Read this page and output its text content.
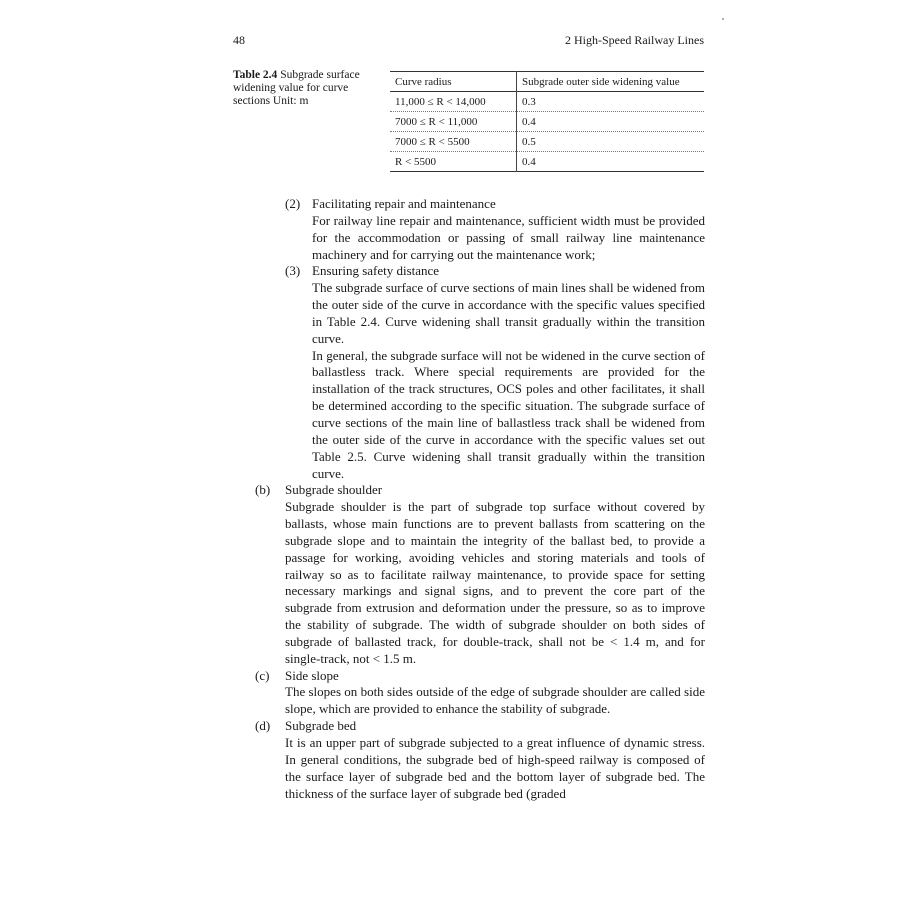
48	2 High-Speed Railway Lines
Table 2.4 Subgrade surface widening value for curve sections Unit: m
Curve radius	Subgrade outer side widening value
11,000 ≤ R < 14,000	0.3
7000 ≤ R < 11,000	0.4
7000 ≤ R < 5500	0.5
R < 5500	0.4
(2) Facilitating repair and maintenance
For railway line repair and maintenance, sufficient width must be provided for the accommodation or passing of small railway line maintenance machinery and for carrying out the maintenance work;
(3) Ensuring safety distance
The subgrade surface of curve sections of main lines shall be widened from the outer side of the curve in accordance with the specific values specified in Table 2.4. Curve widening shall transit gradually within the transition curve.
In general, the subgrade surface will not be widened in the curve section of ballastless track. Where special requirements are provided for the installation of the track structures, OCS poles and other facilitates, it shall be determined according to the specific situation. The subgrade surface of curve sections of the main line of ballastless track shall be widened from the outer side of the curve in accordance with the specific values set out Table 2.5. Curve widening shall transit gradually within the transition curve.
(b)	Subgrade shoulder
Subgrade shoulder is the part of subgrade top surface without covered by ballasts, whose main functions are to prevent ballasts from scattering on the subgrade slope and to maintain the integrity of the ballast bed, to provide a passage for working, avoiding vehicles and storing materials and tools of railway so as to facilitate railway maintenance, to provide space for setting necessary markings and signal signs, and to prevent the core part of the subgrade from extrusion and deformation under the pressure, so as to improve the stability of subgrade. The width of subgrade shoulder on both sides of subgrade of ballasted track, for double-track, shall not be < 1.4 m, and for single-track, not < 1.5 m.
(c)	Side slope
The slopes on both sides outside of the edge of subgrade shoulder are called side slope, which are provided to enhance the stability of subgrade.
(d)	Subgrade bed
It is an upper part of subgrade subjected to a great influence of dynamic stress. In general conditions, the subgrade bed of high-speed railway is composed of the surface layer of subgrade bed and the bottom layer of subgrade bed. The thickness of the surface layer of subgrade bed (graded
